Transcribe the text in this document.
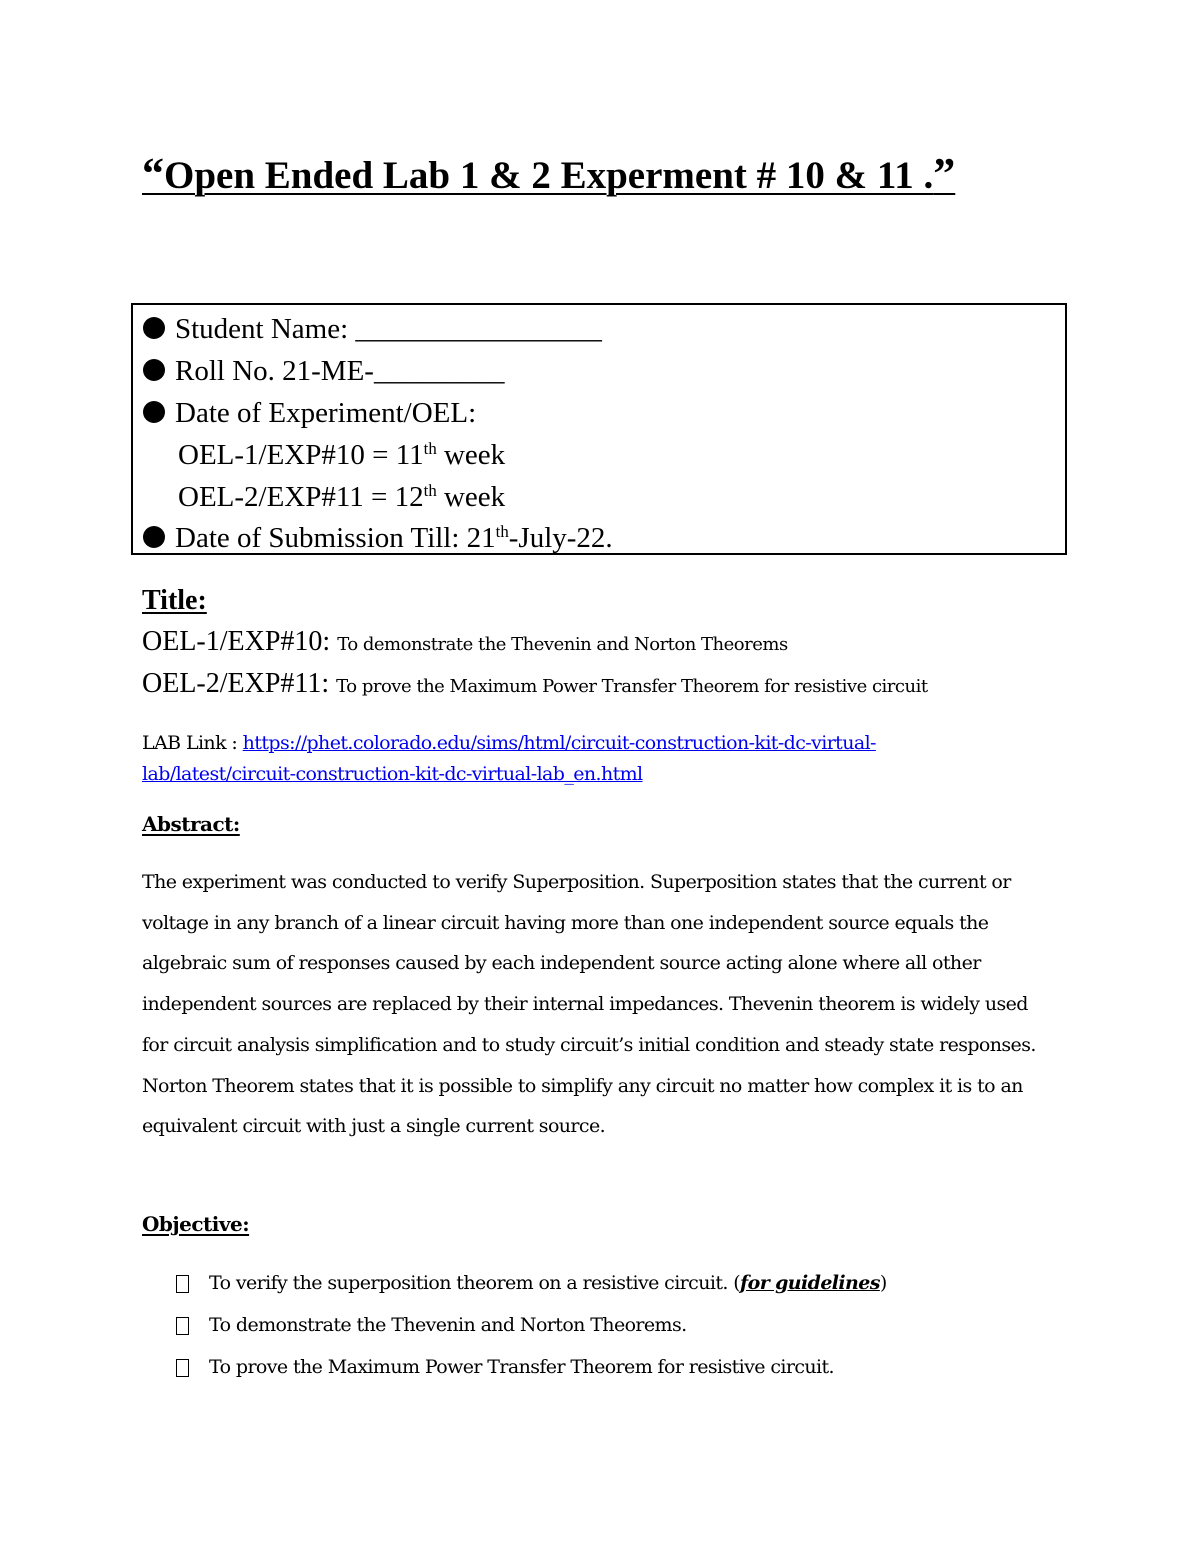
“Open Ended Lab 1 & 2 Experment # 10 & 11 .”
Student Name: _________________
Roll No. 21-ME-_________
Date of Experiment/OEL:
OEL-1/EXP#10 = 11th week
OEL-2/EXP#11 = 12th week
Date of Submission Till: 21th-July-22.
Title:
OEL-1/EXP#10: To demonstrate the Thevenin and Norton Theorems
OEL-2/EXP#11: To prove the Maximum Power Transfer Theorem for resistive circuit
LAB Link : https://phet.colorado.edu/sims/html/circuit-construction-kit-dc-virtual-
lab/latest/circuit-construction-kit-dc-virtual-lab_en.html
Abstract:

The experiment was conducted to verify Superposition. Superposition states that the current or voltage in any branch of a linear circuit having more than one independent source equals the algebraic sum of responses caused by each independent source acting alone where all other independent sources are replaced by their internal impedances. Thevenin theorem is widely used for circuit analysis simplification and to study circuit’s initial condition and steady state responses. Norton Theorem states that it is possible to simplify any circuit no matter how complex it is to an equivalent circuit with just a single current source.

Objective:
To verify the superposition theorem on a resistive circuit. (for guidelines)
To demonstrate the Thevenin and Norton Theorems.
To prove the Maximum Power Transfer Theorem for resistive circuit.
